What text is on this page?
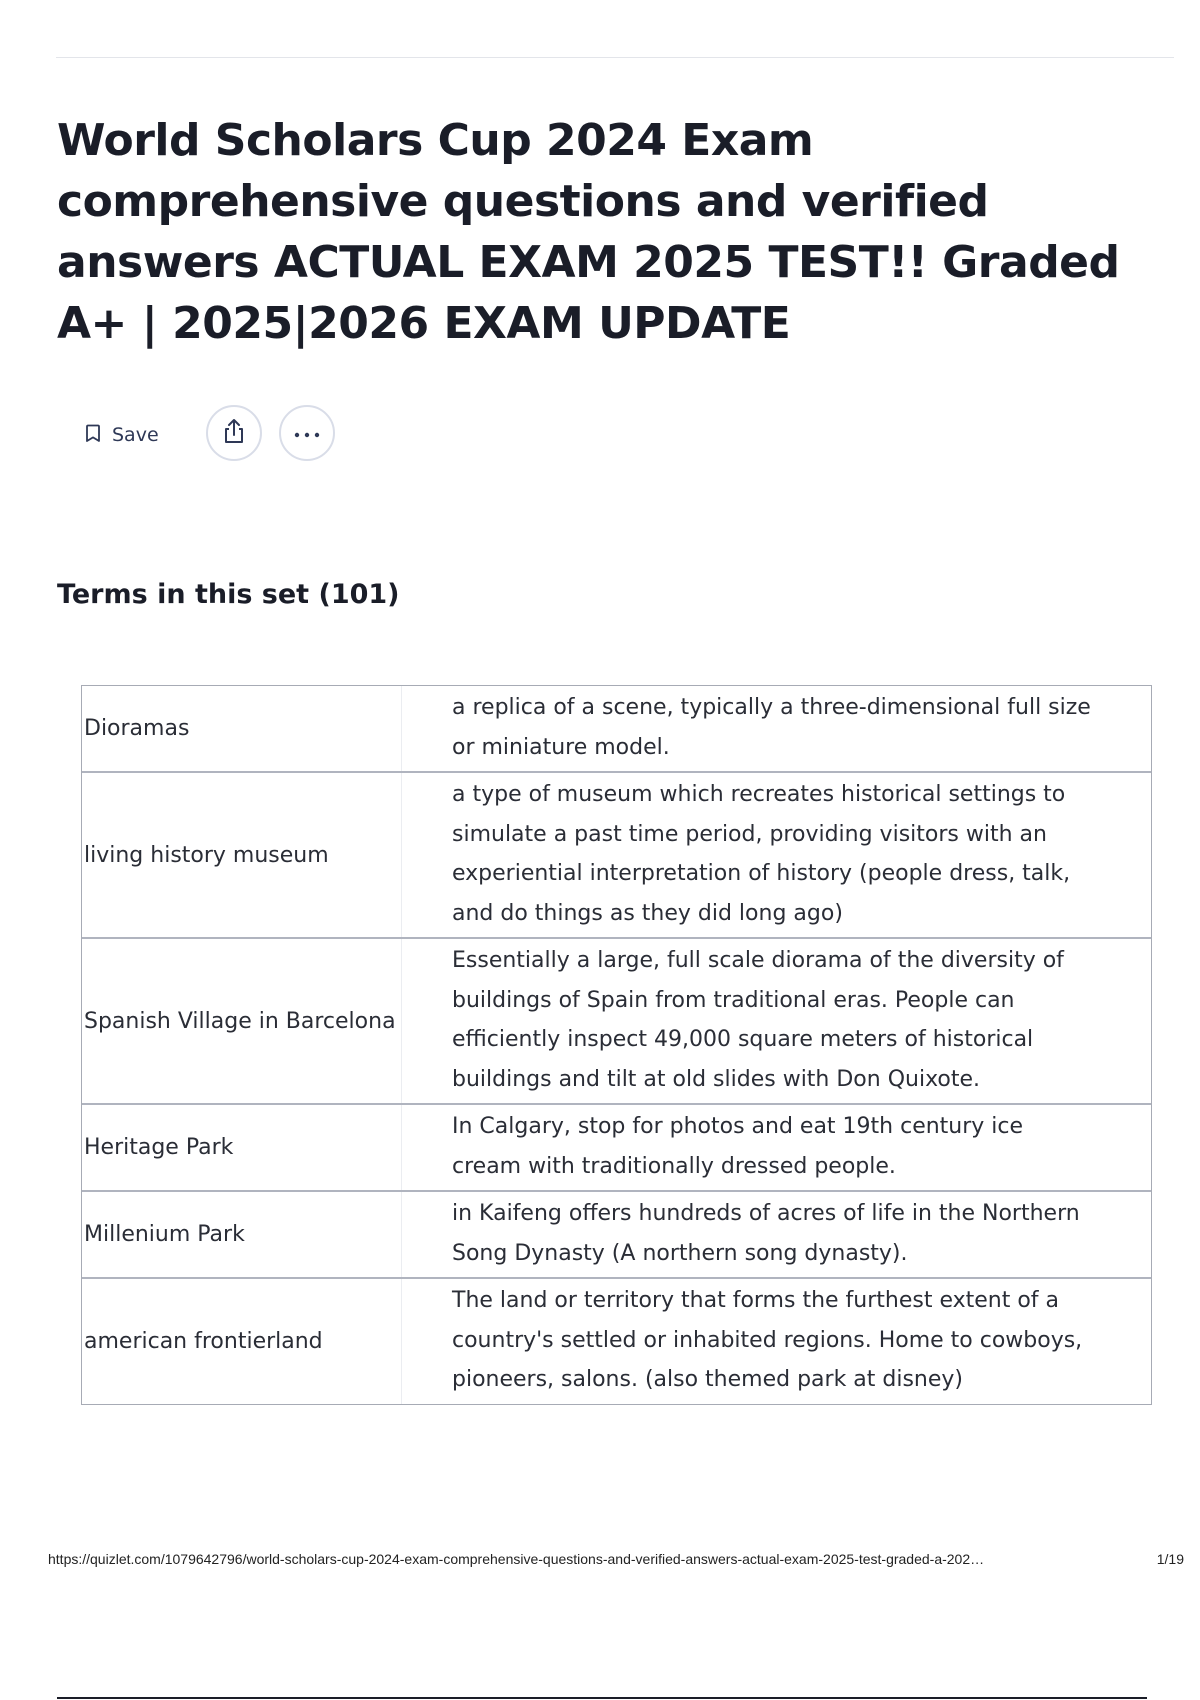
World Scholars Cup 2024 Exam comprehensive questions and verified answers ACTUAL EXAM 2025 TEST!! Graded A+ | 2025|2026 EXAM UPDATE
Save
Terms in this set (101)
Dioramas
a replica of a scene, typically a three-dimensional full size or miniature model.
living history museum
a type of museum which recreates historical settings to simulate a past time period, providing visitors with an experiential interpretation of history (people dress, talk, and do things as they did long ago)
Spanish Village in Barcelona
Essentially a large, full scale diorama of the diversity of buildings of Spain from traditional eras. People can efficiently inspect 49,000 square meters of historical buildings and tilt at old slides with Don Quixote.
Heritage Park
In Calgary, stop for photos and eat 19th century ice cream with traditionally dressed people.
Millenium Park
in Kaifeng offers hundreds of acres of life in the Northern Song Dynasty (A northern song dynasty).
american frontierland
The land or territory that forms the furthest extent of a country's settled or inhabited regions. Home to cowboys, pioneers, salons. (also themed park at disney)
https://quizlet.com/1079642796/world-scholars-cup-2024-exam-comprehensive-questions-and-verified-answers-actual-exam-2025-test-graded-a-202…	1/19
